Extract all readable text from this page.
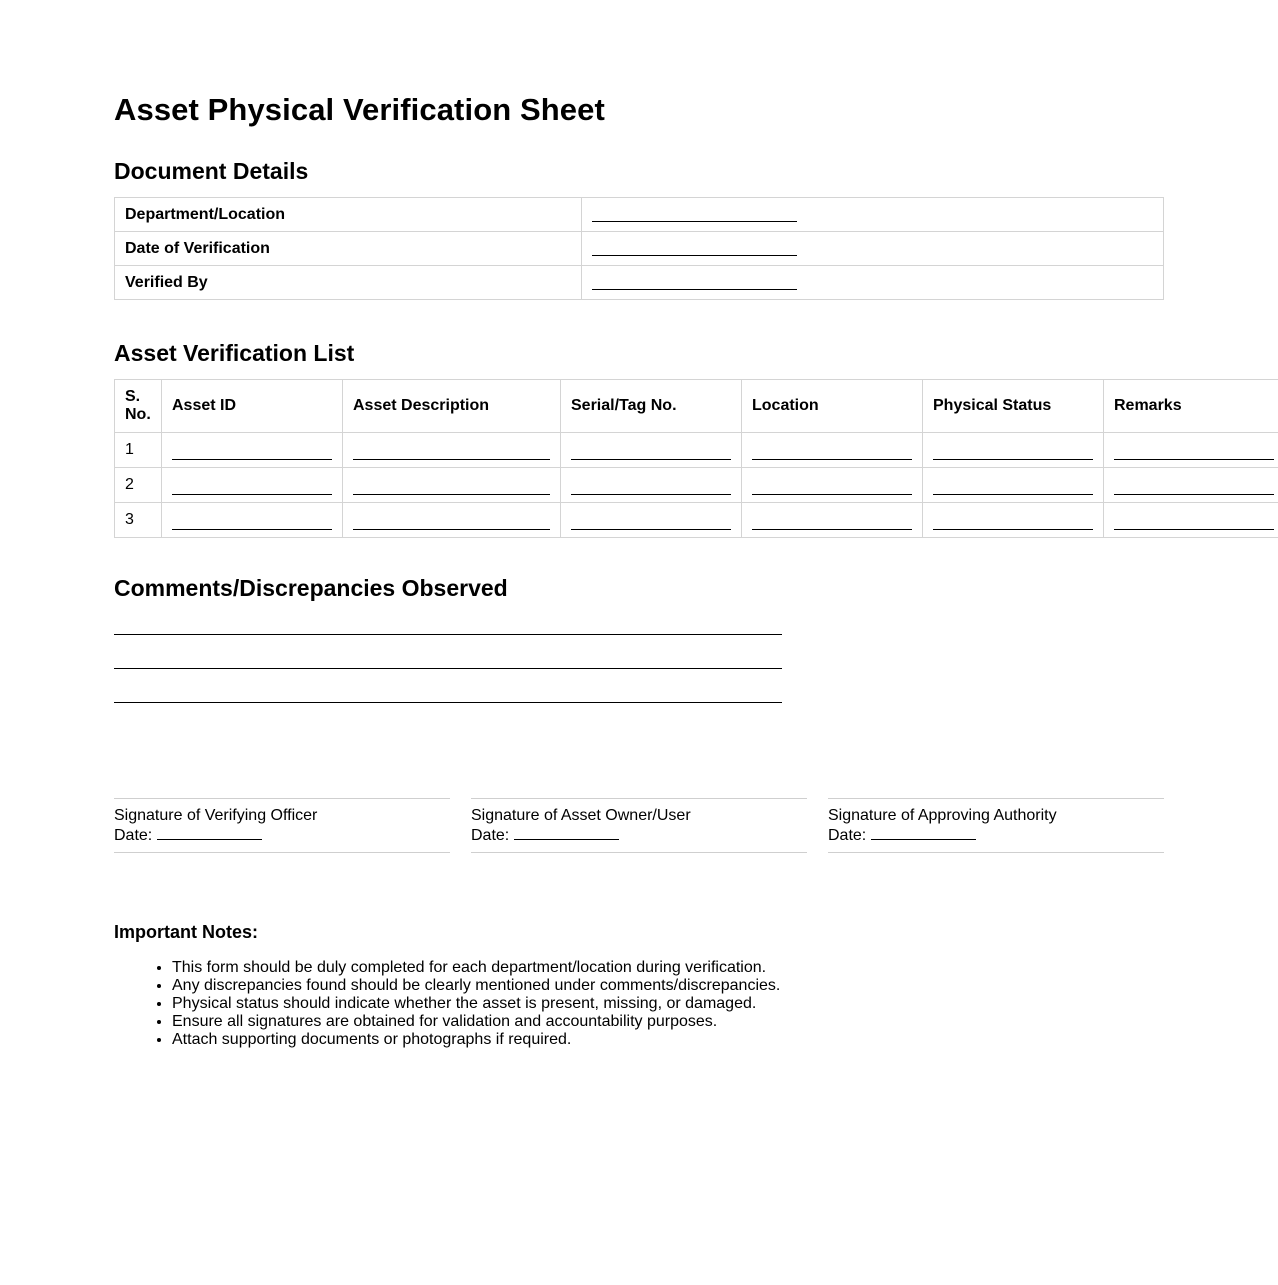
Asset Physical Verification Sheet
Document Details
Department/Location	
Date of Verification	
Verified By	
Asset Verification List
S. No.	Asset ID	Asset Description	Serial/Tag No.	Location	Physical Status	Remarks
1	

2	

3	

Comments/Discrepancies Observed
Signature of Verifying Officer
Date:
Signature of Asset Owner/User
Date:
Signature of Approving Authority
Date:
Important Notes:
• This form should be duly completed for each department/location during verification.
• Any discrepancies found should be clearly mentioned under comments/discrepancies.
• Physical status should indicate whether the asset is present, missing, or damaged.
• Ensure all signatures are obtained for validation and accountability purposes.
• Attach supporting documents or photographs if required.
